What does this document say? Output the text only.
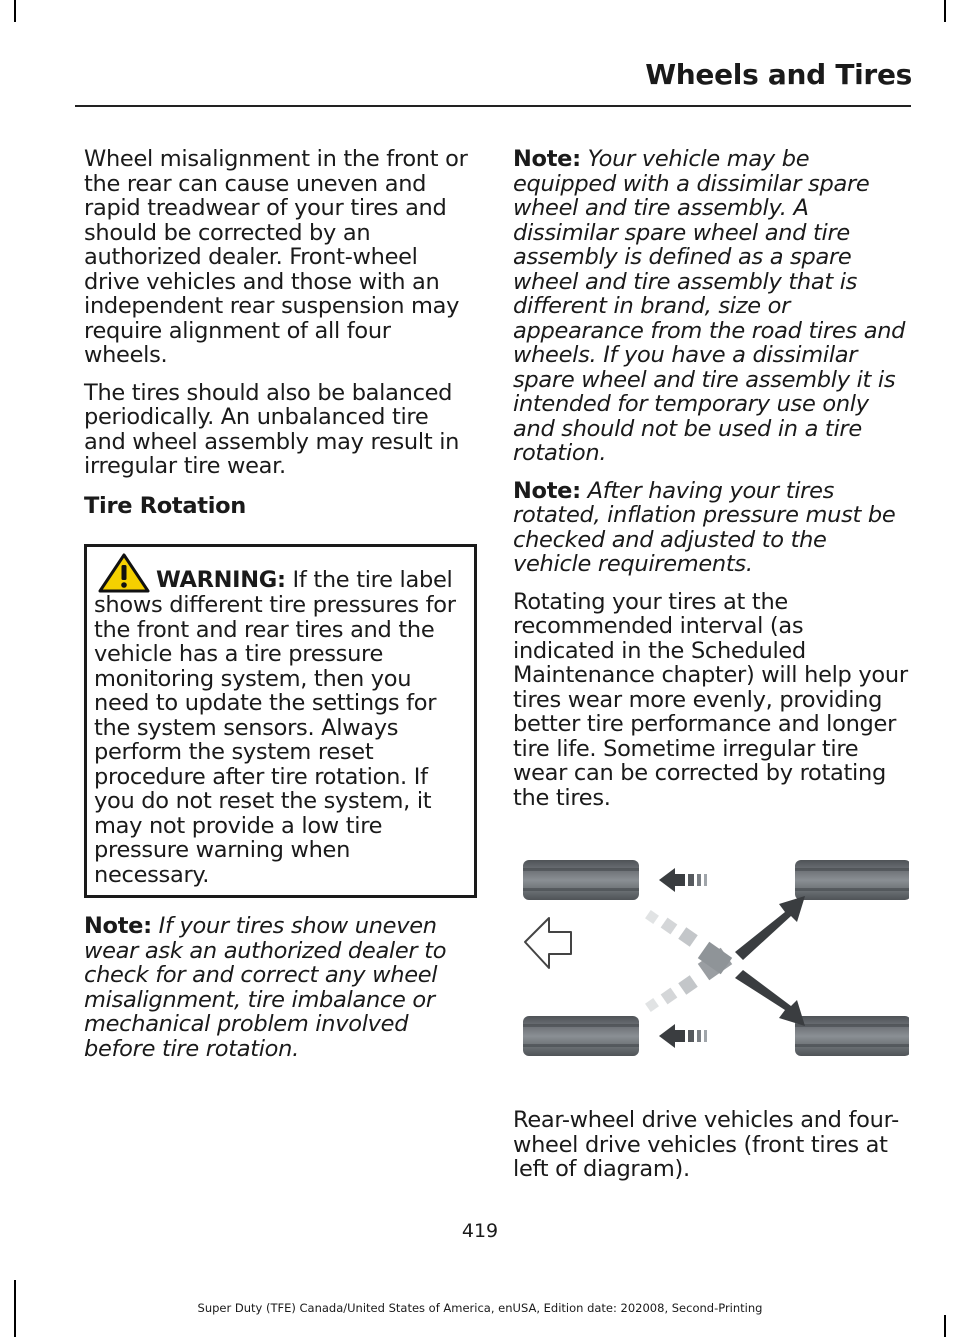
Wheels and Tires

Wheel misalignment in the front or the rear can cause uneven and rapid treadwear of your tires and should be corrected by an authorized dealer. Front-wheel drive vehicles and those with an independent rear suspension may require alignment of all four wheels.

The tires should also be balanced periodically. An unbalanced tire and wheel assembly may result in irregular tire wear.

Tire Rotation
WARNING: If the tire label shows different tire pressures for the front and rear tires and the vehicle has a tire pressure monitoring system, then you need to update the settings for the system sensors. Always perform the system reset procedure after tire rotation. If you do not reset the system, it may not provide a low tire pressure warning when necessary.

Note: If your tires show uneven wear ask an authorized dealer to check for and correct any wheel misalignment, tire imbalance or mechanical problem involved before tire rotation.

Note: Your vehicle may be equipped with a dissimilar spare wheel and tire assembly. A dissimilar spare wheel and tire assembly is defined as a spare wheel and tire assembly that is different in brand, size or appearance from the road tires and wheels. If you have a dissimilar spare wheel and tire assembly it is intended for temporary use only and should not be used in a tire rotation.

Note: After having your tires rotated, inflation pressure must be checked and adjusted to the vehicle requirements.

Rotating your tires at the recommended interval (as indicated in the Scheduled Maintenance chapter) will help your tires wear more evenly, providing better tire performance and longer tire life. Sometime irregular tire wear can be corrected by rotating the tires.

Rear-wheel drive vehicles and four-wheel drive vehicles (front tires at left of diagram).

419
Super Duty (TFE) Canada/United States of America, enUSA, Edition date: 202008, Second-Printing
